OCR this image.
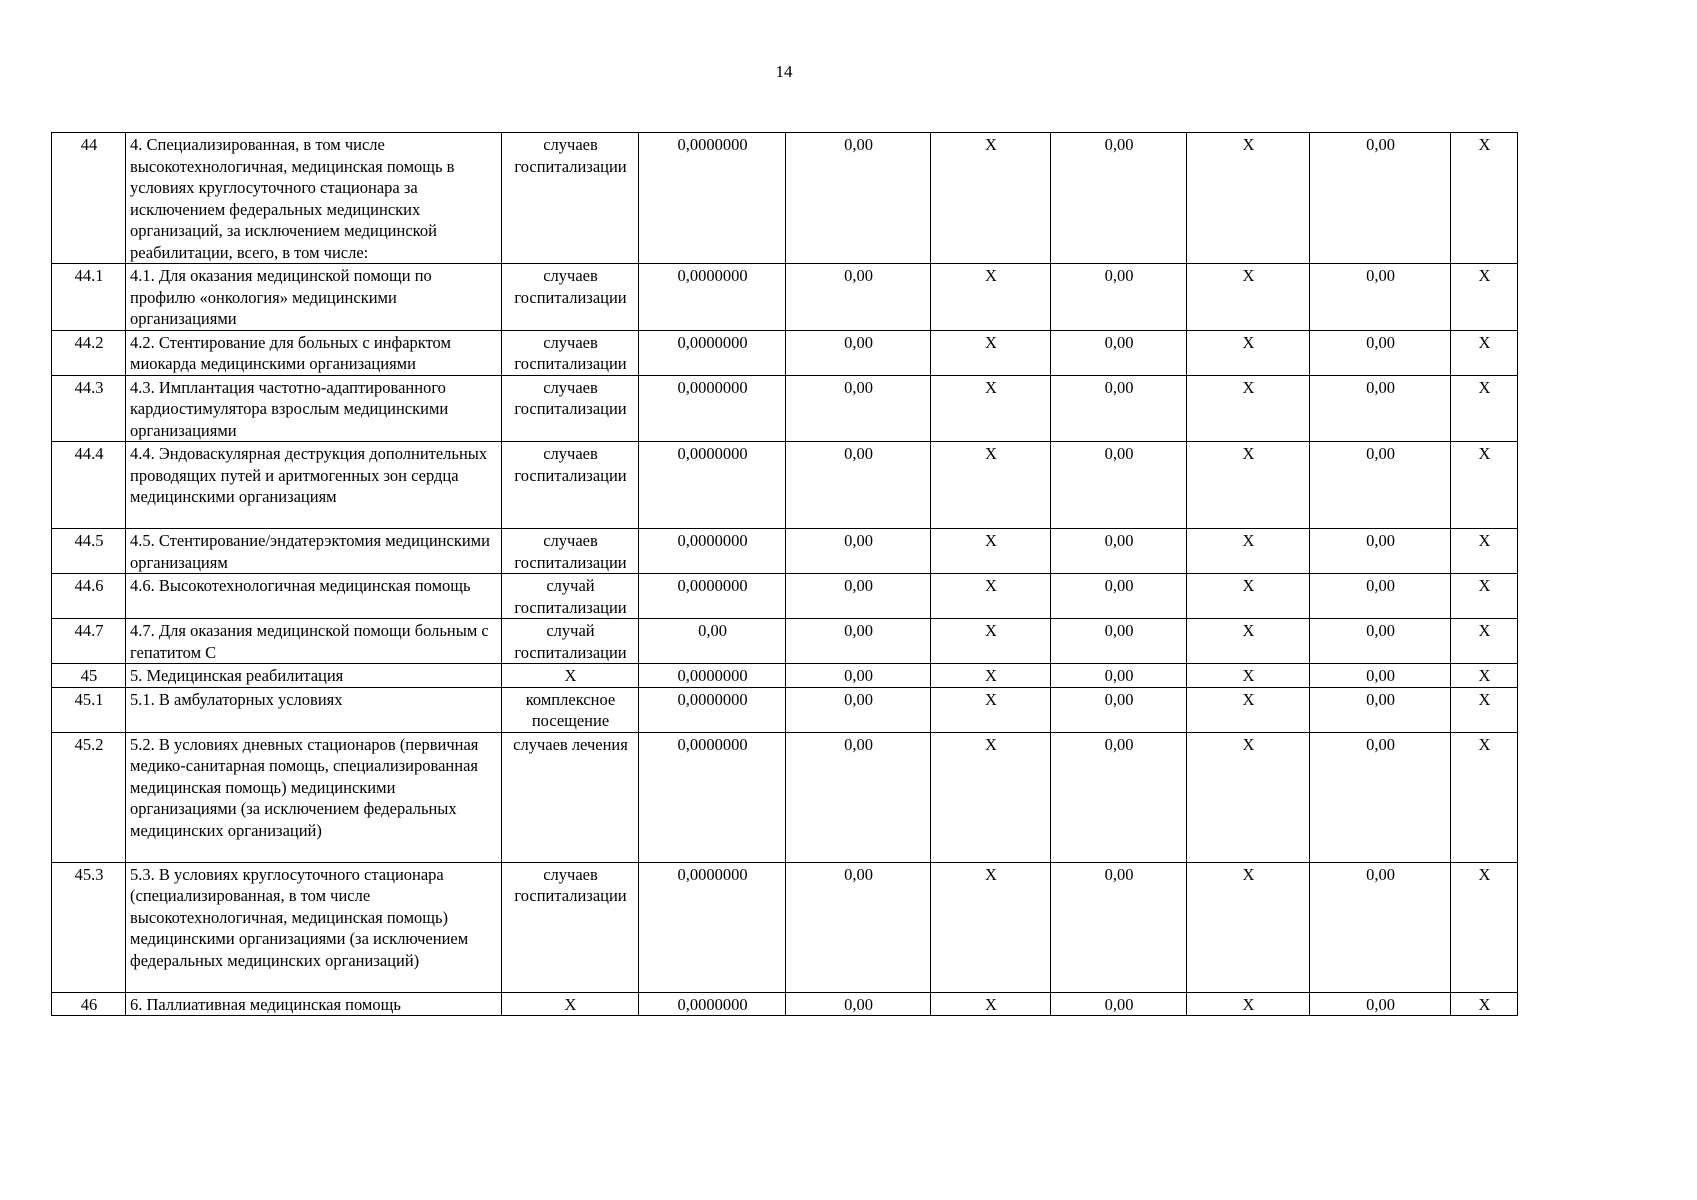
14
44	4. Специализированная, в том числе высокотехнологичная, медицинская помощь в условиях круглосуточного стационара за исключением федеральных медицинских организаций, за исключением медицинской реабилитации, всего, в том числе:	случаев госпитализации	0,0000000	0,00	X	0,00	X	0,00	X
44.1	4.1. Для оказания медицинской помощи по профилю «онкология» медицинскими организациями	случаев госпитализации	0,0000000	0,00	X	0,00	X	0,00	X
44.2	4.2. Стентирование для больных с инфарктом миокарда медицинскими организациями	случаев госпитализации	0,0000000	0,00	X	0,00	X	0,00	X
44.3	4.3. Имплантация частотно-адаптированного кардиостимулятора взрослым медицинскими организациями	случаев госпитализации	0,0000000	0,00	X	0,00	X	0,00	X
44.4	4.4. Эндоваскулярная деструкция дополнительных проводящих путей и аритмогенных зон сердца медицинскими организациям	случаев госпитализации	0,0000000	0,00	X	0,00	X	0,00	X
44.5	4.5. Стентирование/эндатерэктомия медицинскими организациям	случаев госпитализации	0,0000000	0,00	X	0,00	X	0,00	X
44.6	4.6. Высокотехнологичная медицинская помощь	случай госпитализации	0,0000000	0,00	X	0,00	X	0,00	X
44.7	4.7. Для оказания медицинской помощи больным с гепатитом С	случай госпитализации	0,00	0,00	X	0,00	X	0,00	X
45	5. Медицинская реабилитация	X	0,0000000	0,00	X	0,00	X	0,00	X
45.1	5.1. В амбулаторных условиях	комплексное посещение	0,0000000	0,00	X	0,00	X	0,00	X
45.2	5.2. В условиях дневных стационаров (первичная медико-санитарная помощь, специализированная медицинская помощь) медицинскими организациями (за исключением федеральных медицинских организаций)	случаев лечения	0,0000000	0,00	X	0,00	X	0,00	X
45.3	5.3. В условиях круглосуточного стационара (специализированная, в том числе высокотехнологичная, медицинская помощь) медицинскими организациями (за исключением федеральных медицинских организаций)	случаев госпитализации	0,0000000	0,00	X	0,00	X	0,00	X
46	6. Паллиативная медицинская помощь	X	0,0000000	0,00	X	0,00	X	0,00	X
